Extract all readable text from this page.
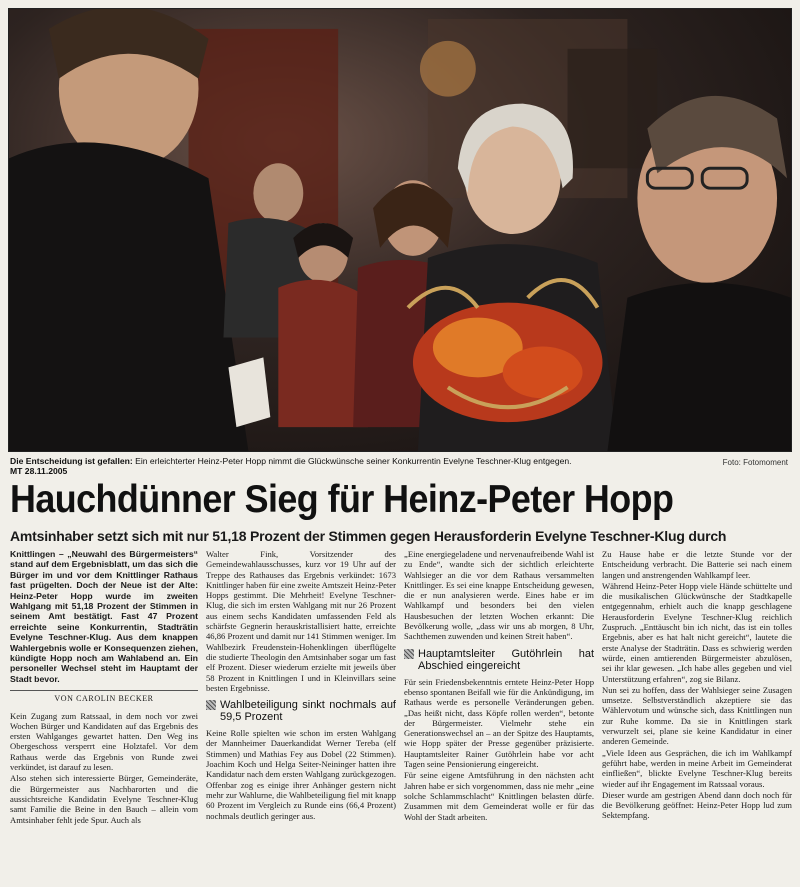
Die Entscheidung ist gefallen: Ein erleichterter Heinz-Peter Hopp nimmt die Glückwünsche seiner Konkurrentin Evelyne Teschner-Klug entgegen.
MT 28.11.2005
Foto: Fotomoment
Hauchdünner Sieg für Heinz-Peter Hopp
Amtsinhaber setzt sich mit nur 51,18 Prozent der Stimmen gegen Herausforderin Evelyne Teschner-Klug durch

Knittlingen – „Neuwahl des Bürgermeisters“ stand auf dem Ergebnisblatt, um das sich die Bürger im und vor dem Knittlinger Rathaus fast prügelten. Doch der Neue ist der Alte: Heinz-Peter Hopp wurde im zweiten Wahlgang mit 51,18 Prozent der Stimmen in seinem Amt bestätigt. Fast 47 Prozent erreichte seine Konkurrentin, Stadträtin Evelyne Teschner-Klug. Aus dem knappen Wahlergebnis wolle er Konsequenzen ziehen, kündigte Hopp noch am Wahlabend an. Ein personeller Wechsel steht im Hauptamt der Stadt bevor.

VON CAROLIN BECKER

Kein Zugang zum Ratssaal, in dem noch vor zwei Wochen Bürger und Kandidaten auf das Ergebnis des ersten Wahlganges gewartet hatten. Den Weg ins Obergeschoss versperrt eine Holztafel. Vor dem Rathaus werde das Ergebnis von Runde zwei verkündet, ist darauf zu lesen.

Also stehen sich interessierte Bürger, Gemeinderäte, die Bürgermeister aus Nachbarorten und die aussichtsreiche Kandidatin Evelyne Teschner-Klug samt Familie die Beine in den Bauch – allein vom Amtsinhaber fehlt jede Spur. Auch als

Walter Fink, Vorsitzender des Gemeindewahlausschusses, kurz vor 19 Uhr auf der Treppe des Rathauses das Ergebnis verkündet: 1673 Knittlinger haben für eine zweite Amtszeit Heinz-Peter Hopps gestimmt. Die Mehrheit! Evelyne Teschner-Klug, die sich im ersten Wahlgang mit nur 26 Prozent aus einem sechs Kandidaten umfassenden Feld als schärfste Gegnerin herauskristallisiert hatte, erreichte 46,86 Prozent und damit nur 141 Stimmen weniger. Im Wahlbezirk Freudenstein-Hohenklingen überflügelte die studierte Theologin den Amtsinhaber sogar um fast elf Prozent. Dieser wiederum erzielte mit jeweils über 58 Prozent in Knittlingen I und in Kleinvillars seine besten Ergebnisse.

Wahlbeteiligung sinkt nochmals auf 59,5 Prozent

Keine Rolle spielten wie schon im ersten Wahlgang der Mannheimer Dauerkandidat Werner Tereba (elf Stimmen) und Mathias Fey aus Dobel (22 Stimmen). Joachim Koch und Helga Seiter-Neininger hatten ihre Kandidatur nach dem ersten Wahlgang zurückgezogen. Offenbar zog es einige ihrer Anhänger gestern nicht mehr zur Wahlurne, die Wahlbeteiligung fiel mit knapp 60 Prozent im Vergleich zu Runde eins (66,4 Prozent) nochmals deutlich geringer aus.

„Eine energiegeladene und nervenaufreibende Wahl ist zu Ende“, wandte sich der sichtlich erleichterte Wahlsieger an die vor dem Rathaus versammelten Knittlinger. Es sei eine knappe Entscheidung gewesen, die er nun analysieren werde. Eines habe er im Wahlkampf und besonders bei den vielen Hausbesuchen der letzten Wochen erkannt: Die Bevölkerung wolle, „dass wir uns ab morgen, 8 Uhr, Sachthemen zuwenden und keinen Streit haben“.

Hauptamtsleiter Gutöhrlein hat Abschied eingereicht

Für sein Friedensbekenntnis erntete Heinz-Peter Hopp ebenso spontanen Beifall wie für die Ankündigung, im Rathaus werde es personelle Veränderungen geben. „Das heißt nicht, dass Köpfe rollen werden“, betonte der Bürgermeister. Vielmehr stehe ein Generationswechsel an – an der Spitze des Hauptamts, wie Hopp später der Presse gegenüber präzisierte. Hauptamtsleiter Rainer Gutöhrlein habe vor acht Tagen seine Pensionierung eingereicht.

Für seine eigene Amtsführung in den nächsten acht Jahren habe er sich vorgenommen, dass nie mehr „eine solche Schlammschlacht“ Knittlingen belasten dürfe. Zusammen mit dem Gemeinderat wolle er für das Wohl der Stadt arbeiten.

Zu Hause habe er die letzte Stunde vor der Entscheidung verbracht. Die Batterie sei nach einem langen und anstrengenden Wahlkampf leer.

Während Heinz-Peter Hopp viele Hände schüttelte und die musikalischen Glückwünsche der Stadtkapelle entgegennahm, erhielt auch die knapp geschlagene Herausforderin Evelyne Teschner-Klug reichlich Zuspruch. „Enttäuscht bin ich nicht, das ist ein tolles Ergebnis, aber es hat halt nicht gereicht“, lautete die erste Analyse der Stadträtin. Dass es schwierig werden würde, einen amtierenden Bürgermeister abzulösen, sei ihr klar gewesen. „Ich habe alles gegeben und viel Unterstützung erfahren“, zog sie Bilanz.

Nun sei zu hoffen, dass der Wahlsieger seine Zusagen umsetze. Selbstverständlich akzeptiere sie das Wählervotum und wünsche sich, dass Knittlingen nun zur Ruhe komme. Da sie in Knittlingen stark verwurzelt sei, plane sie keine Kandidatur in einer anderen Gemeinde.

„Viele Ideen aus Gesprächen, die ich im Wahlkampf geführt habe, werden in meine Arbeit im Gemeinderat einfließen“, blickte Evelyne Teschner-Klug bereits wieder auf ihr Engagement im Ratssaal voraus.

Dieser wurde am gestrigen Abend dann doch noch für die Bevölkerung geöffnet: Heinz-Peter Hopp lud zum Sektempfang.
